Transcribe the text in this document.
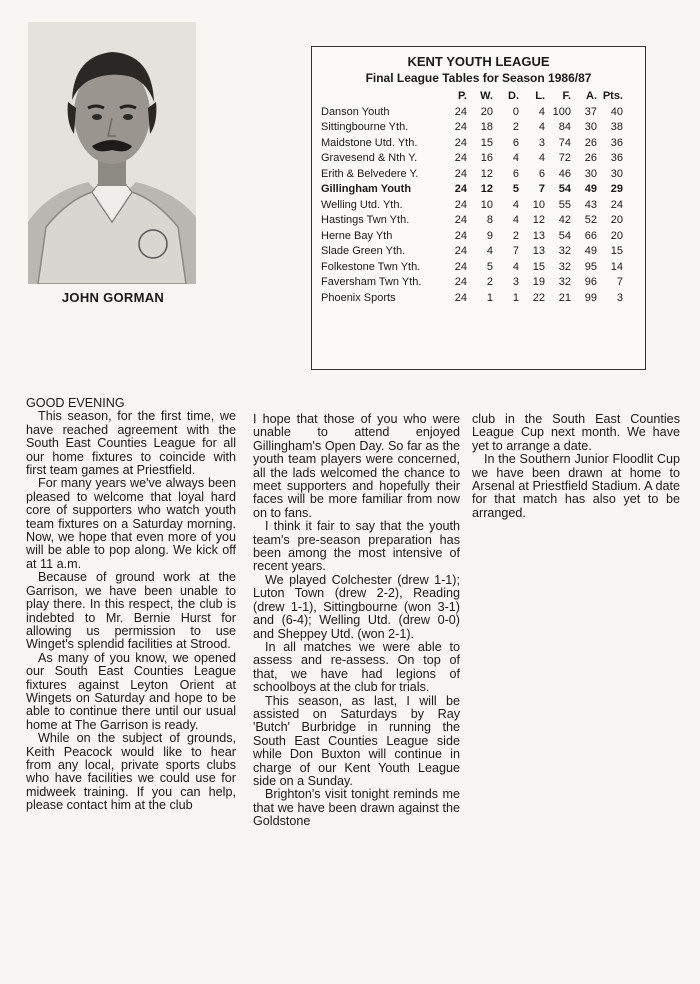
JOHN GORMAN
KENT YOUTH LEAGUE
Final League Tables for Season 1986/87
	P.	W.	D.	L.	F.	A.	Pts.
Danson Youth	24	20	0	4	100	37	40
Sittingbourne Yth.	24	18	2	4	84	30	38
Maidstone Utd. Yth.	24	15	6	3	74	26	36
Gravesend & Nth Y.	24	16	4	4	72	26	36
Erith & Belvedere Y.	24	12	6	6	46	30	30
Gillingham Youth	24	12	5	7	54	49	29
Welling Utd. Yth.	24	10	4	10	55	43	24
Hastings Twn Yth.	24	8	4	12	42	52	20
Herne Bay Yth	24	9	2	13	54	66	20
Slade Green Yth.	24	4	7	13	32	49	15
Folkestone Twn Yth.	24	5	4	15	32	95	14
Faversham Twn Yth.	24	2	3	19	32	96	7
Phoenix Sports	24	1	1	22	21	99	3

GOOD EVENING

This season, for the first time, we have reached agreement with the South East Counties League for all our home fixtures to coincide with first team games at Priestfield.

For many years we've always been pleased to welcome that loyal hard core of supporters who watch youth team fixtures on a Saturday morning. Now, we hope that even more of you will be able to pop along. We kick off at 11 a.m.

Because of ground work at the Garrison, we have been unable to play there. In this respect, the club is indebted to Mr. Bernie Hurst for allowing us permission to use Winget's splendid facilities at Strood.

As many of you know, we opened our South East Counties League fixtures against Leyton Orient at Wingets on Saturday and hope to be able to continue there until our usual home at The Garrison is ready.

While on the subject of grounds, Keith Peacock would like to hear from any local, private sports clubs who have facilities we could use for midweek training. If you can help, please contact him at the club

I hope that those of you who were unable to attend enjoyed Gillingham's Open Day. So far as the youth team players were concerned, all the lads welcomed the chance to meet supporters and hopefully their faces will be more familiar from now on to fans.

I think it fair to say that the youth team's pre-season preparation has been among the most intensive of recent years.

We played Colchester (drew 1-1); Luton Town (drew 2-2), Reading (drew 1-1), Sittingbourne (won 3-1) and (6-4); Welling Utd. (drew 0-0) and Sheppey Utd. (won 2-1).

In all matches we were able to assess and re-assess. On top of that, we have had legions of schoolboys at the club for trials.

This season, as last, I will be assisted on Saturdays by Ray 'Butch' Burbridge in running the South East Counties League side while Don Buxton will continue in charge of our Kent Youth League side on a Sunday.

Brighton's visit tonight reminds me that we have been drawn against the Goldstone

club in the South East Counties League Cup next month. We have yet to arrange a date.

In the Southern Junior Floodlit Cup we have been drawn at home to Arsenal at Priestfield Stadium. A date for that match has also yet to be arranged.
